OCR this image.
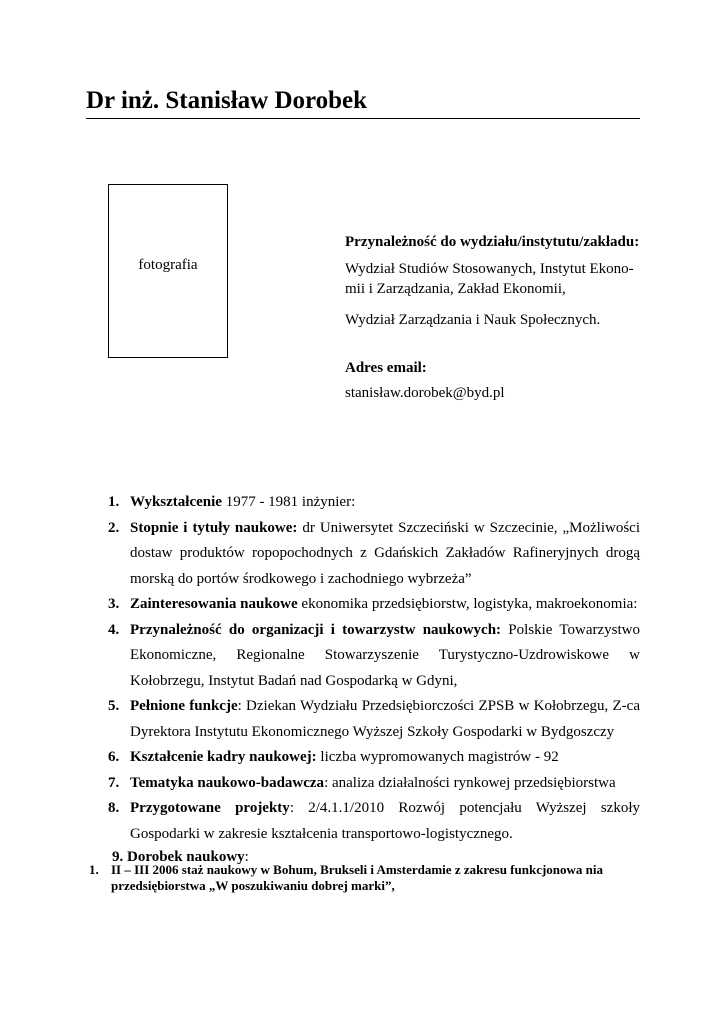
Dr inż. Stanisław Dorobek
fotografia
Przynależność do wydziału/instytutu/zakładu:
Wydział Studiów Stosowanych, Instytut Ekono-
mii i Zarządzania, Zakład Ekonomii,
Wydział Zarządzania i Nauk Społecznych.
Adres email:
stanisław.dorobek@byd.pl
1. Wykształcenie 1977 - 1981 inżynier:
2. Stopnie i tytuły naukowe: dr Uniwersytet Szczeciński w Szczecinie, „Możliwości dostaw produktów ropopochodnych z Gdańskich Zakładów Rafineryjnych drogą morską do portów środkowego i zachodniego wybrzeża”
3. Zainteresowania naukowe ekonomika przedsiębiorstw, logistyka, makroekonomia:
4. Przynależność do organizacji i towarzystw naukowych: Polskie Towarzystwo Ekonomiczne, Regionalne Stowarzyszenie Turystyczno-Uzdrowiskowe w Kołobrzegu, Instytut Badań nad Gospodarką w Gdyni,
5. Pełnione funkcje: Dziekan Wydziału Przedsiębiorczości ZPSB w Kołobrzegu, Z-ca Dyrektora Instytutu Ekonomicznego Wyższej Szkoły Gospodarki w Bydgoszczy
6. Kształcenie kadry naukowej: liczba wypromowanych magistrów - 92
7. Tematyka naukowo-badawcza: analiza działalności rynkowej przedsiębiorstwa
8. Przygotowane projekty: 2/4.1.1/2010 Rozwój potencjału Wyższej szkoły Gospodarki w zakresie kształcenia transportowo-logistycznego.
9. Dorobek naukowy:
1. II – III 2006 staż naukowy w Bohum, Brukseli i Amsterdamie z zakresu funkcjonowa nia przedsiębiorstwa „W poszukiwaniu dobrej marki”,
